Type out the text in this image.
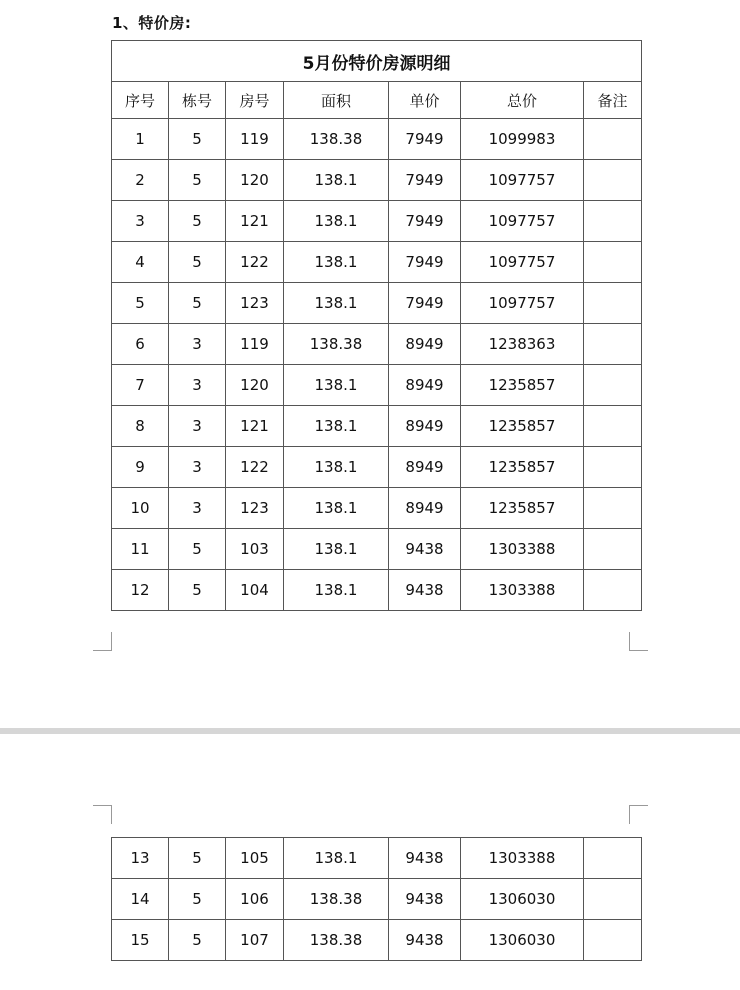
1、特价房:
5月份特价房源明细						
序号	栋号	房号	面积	单价	总价	备注
1	5	119	138.38	7949	1099983	
2	5	120	138.1	7949	1097757	
3	5	121	138.1	7949	1097757	
4	5	122	138.1	7949	1097757	
5	5	123	138.1	7949	1097757	
6	3	119	138.38	8949	1238363	
7	3	120	138.1	8949	1235857	
8	3	121	138.1	8949	1235857	
9	3	122	138.1	8949	1235857	
10	3	123	138.1	8949	1235857	
11	5	103	138.1	9438	1303388	
12	5	104	138.1	9438	1303388	
13	5	105	138.1	9438	1303388	
14	5	106	138.38	9438	1306030	
15	5	107	138.38	9438	1306030	
